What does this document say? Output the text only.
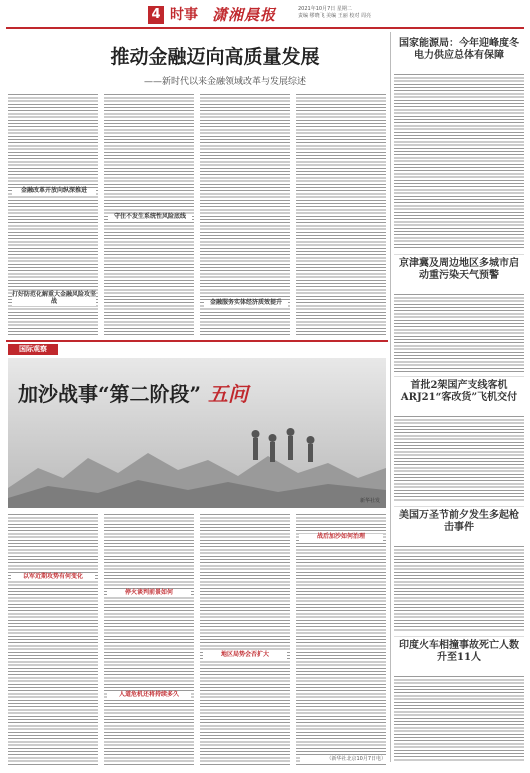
4 时事 潇湘晨报	2021年10月7日 星期二
责编 缪晓飞 美编 王丽 校对 周亮
推动金融迈向高质量发展
——新时代以来金融领域改革与发展综述
金融改革开放向纵深推进
打好防范化解重大金融风险攻坚战
守住不发生系统性风险底线
金融服务实体经济质效提升
国家能源局：今年迎峰度冬电力供应总体有保障
京津冀及周边地区多城市启动重污染天气预警
首批2架国产支线客机ARJ21“客改货”飞机交付
美国万圣节前夕发生多起枪击事件
印度火车相撞事故死亡人数升至11人
国际观察
加沙战事“第二阶段” 五问
新华社发
以军近期攻势有何变化
停火谈判前景如何
人道危机还将持续多久
地区局势会否扩大
战后加沙如何治理
（新华社北京10月7日电）
